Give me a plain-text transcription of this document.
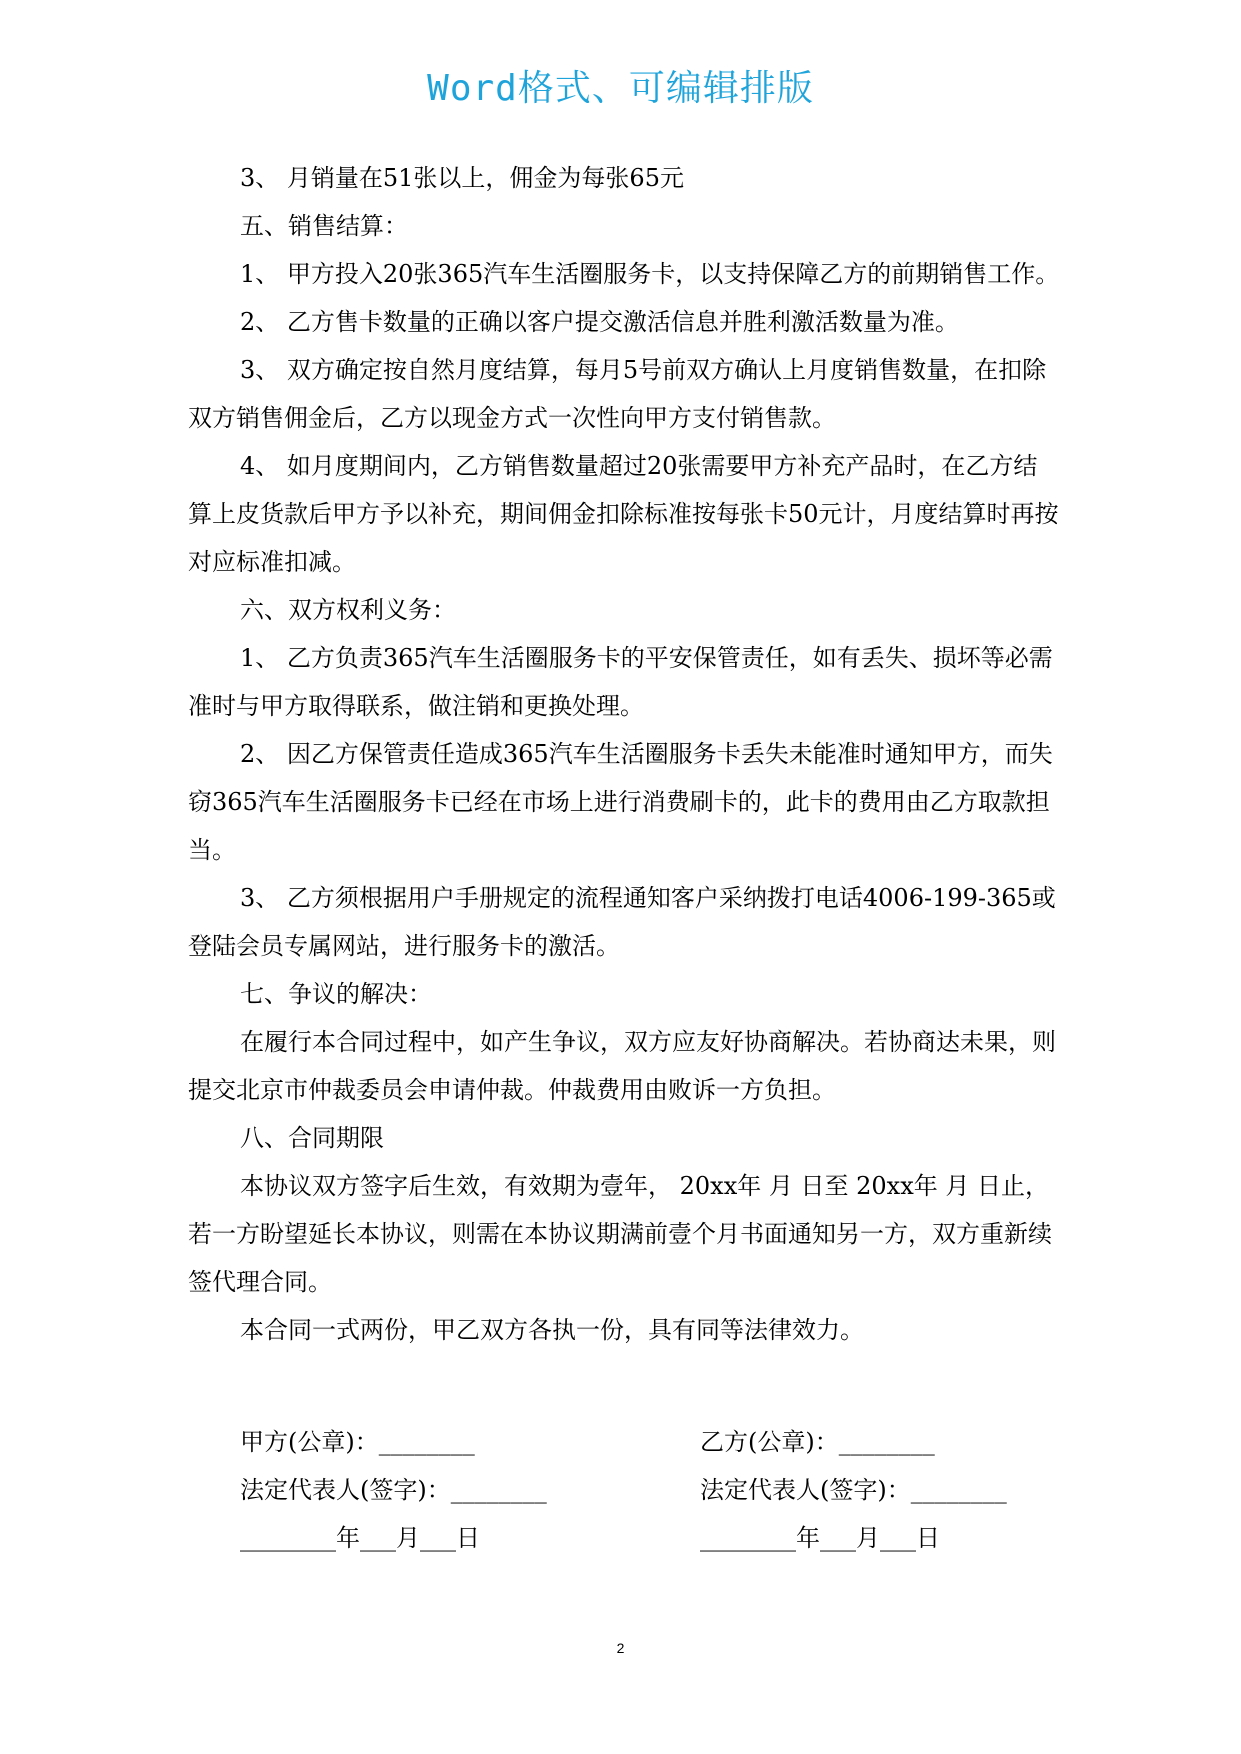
Word格式、可编辑排版

3、 月销量在51张以上，佣金为每张65元

五、销售结算：

1、 甲方投入20张365汽车生活圈服务卡，以支持保障乙方的前期销售工作。

2、 乙方售卡数量的正确以客户提交激活信息并胜利激活数量为准。

3、 双方确定按自然月度结算，每月5号前双方确认上月度销售数量，在扣除双方销售佣金后，乙方以现金方式一次性向甲方支付销售款。

4、 如月度期间内，乙方销售数量超过20张需要甲方补充产品时，在乙方结算上皮货款后甲方予以补充，期间佣金扣除标准按每张卡50元计，月度结算时再按对应标准扣减。

六、双方权利义务：

1、 乙方负责365汽车生活圈服务卡的平安保管责任，如有丢失、损坏等必需准时与甲方取得联系，做注销和更换处理。

2、 因乙方保管责任造成365汽车生活圈服务卡丢失未能准时通知甲方，而失窃365汽车生活圈服务卡已经在市场上进行消费刷卡的，此卡的费用由乙方取款担当。

3、 乙方须根据用户手册规定的流程通知客户采纳拨打电话4006-199-365或登陆会员专属网站，进行服务卡的激活。

七、争议的解决：

在履行本合同过程中，如产生争议，双方应友好协商解决。若协商达未果，则提交北京市仲裁委员会申请仲裁。仲裁费用由败诉一方负担。

八、合同期限

本协议双方签字后生效，有效期为壹年， 20xx年 月 日至 20xx年 月 日止，若一方盼望延长本协议，则需在本协议期满前壹个月书面通知另一方，双方重新续签代理合同。

本合同一式两份，甲乙双方各执一份，具有同等法律效力。

甲方(公章)：________	乙方(公章)：________
法定代表人(签字)：________	法定代表人(签字)：________
________年___月___日	________年___月___日
2
